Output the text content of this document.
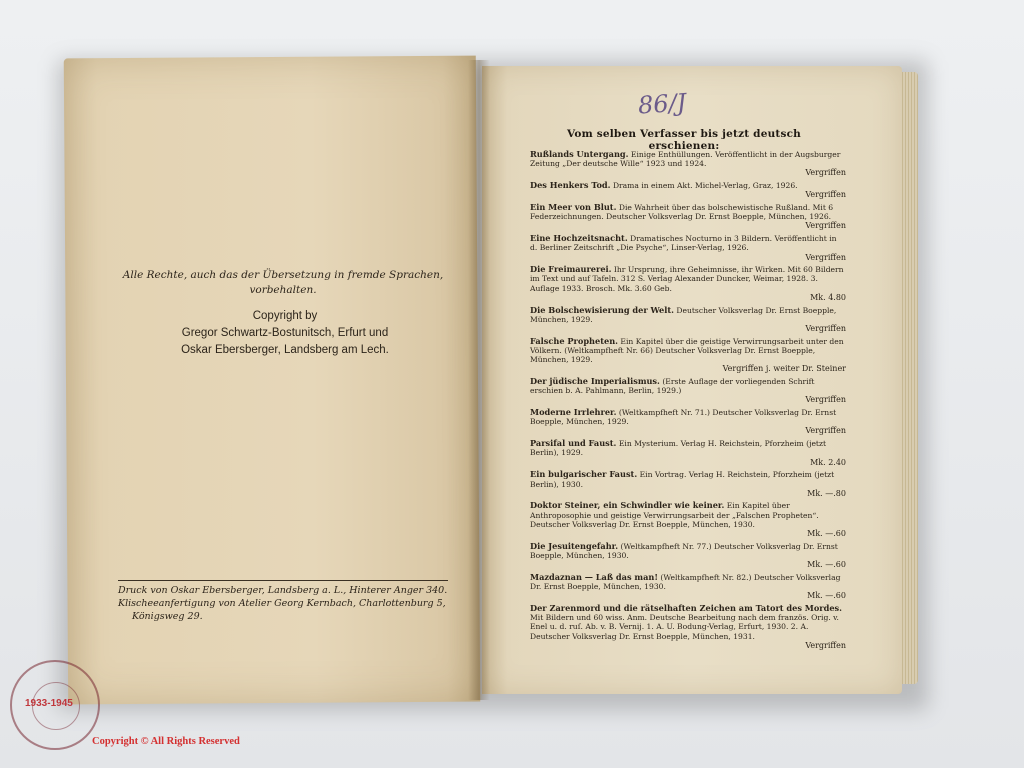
Alle Rechte, auch das der Übersetzung in fremde Sprachen, vorbehalten.
Copyright by
Gregor Schwartz-Bostunitsch, Erfurt und
Oskar Ebersberger, Landsberg am Lech.
Druck von Oskar Ebersberger, Landsberg a. L., Hinterer Anger 340.
Klischeeanfertigung von Atelier Georg Kernbach, Charlottenburg 5,
Königsweg 29.
86/J
Vom selben Verfasser bis jetzt deutsch erschienen:
Rußlands Untergang. Einige Enthüllungen. Veröffentlicht in der Augsburger Zeitung „Der deutsche Wille“ 1923 und 1924.
Vergriffen
Des Henkers Tod. Drama in einem Akt. Michel-Verlag, Graz, 1926.
Vergriffen
Ein Meer von Blut. Die Wahrheit über das bolschewistische Rußland. Mit 6 Federzeichnungen. Deutscher Volksverlag Dr. Ernst Boepple, München, 1926.
Vergriffen
Eine Hochzeitsnacht. Dramatisches Nocturno in 3 Bildern. Veröffentlicht in d. Berliner Zeitschrift „Die Psyche“, Linser-Verlag, 1926.
Vergriffen
Die Freimaurerei. Ihr Ursprung, ihre Geheimnisse, ihr Wirken. Mit 60 Bildern im Text und auf Tafeln. 312 S. Verlag Alexander Duncker, Weimar, 1928. 3. Auflage 1933. Brosch. Mk. 3.60 Geb.
Mk. 4.80
Die Bolschewisierung der Welt. Deutscher Volksverlag Dr. Ernst Boepple, München, 1929.
Vergriffen
Falsche Propheten. Ein Kapitel über die geistige Verwirrungsarbeit unter den Völkern. (Weltkampfheft Nr. 66) Deutscher Volksverlag Dr. Ernst Boepple, München, 1929.
Vergriffen j. weiter Dr. Steiner
Der jüdische Imperialismus. (Erste Auflage der vorliegenden Schrift erschien b. A. Pahlmann, Berlin, 1929.)
Vergriffen
Moderne Irrlehrer. (Weltkampfheft Nr. 71.) Deutscher Volksverlag Dr. Ernst Boepple, München, 1929.
Vergriffen
Parsifal und Faust. Ein Mysterium. Verlag H. Reichstein, Pforzheim (jetzt Berlin), 1929.
Mk. 2.40
Ein bulgarischer Faust. Ein Vortrag. Verlag H. Reichstein, Pforzheim (jetzt Berlin), 1930.
Mk. —.80
Doktor Steiner, ein Schwindler wie keiner. Ein Kapitel über Anthroposophie und geistige Verwirrungsarbeit der „Falschen Propheten“. Deutscher Volksverlag Dr. Ernst Boepple, München, 1930.
Mk. —.60
Die Jesuitengefahr. (Weltkampfheft Nr. 77.) Deutscher Volksverlag Dr. Ernst Boepple, München, 1930.
Mk. —.60
Mazdaznan — Laß das man! (Weltkampfheft Nr. 82.) Deutscher Volksverlag Dr. Ernst Boepple, München, 1930.
Mk. —.60
Der Zarenmord und die rätselhaften Zeichen am Tatort des Mordes. Mit Bildern und 60 wiss. Anm. Deutsche Bearbeitung nach dem französ. Orig. v. Enel u. d. ruſ. Ab. v. B. Vernij. 1. A. U. Bodung-Verlag, Erfurt, 1930. 2. A. Deutscher Volksverlag Dr. Ernst Boepple, München, 1931.
Vergriffen
1933-1945
Copyright © All Rights Reserved
